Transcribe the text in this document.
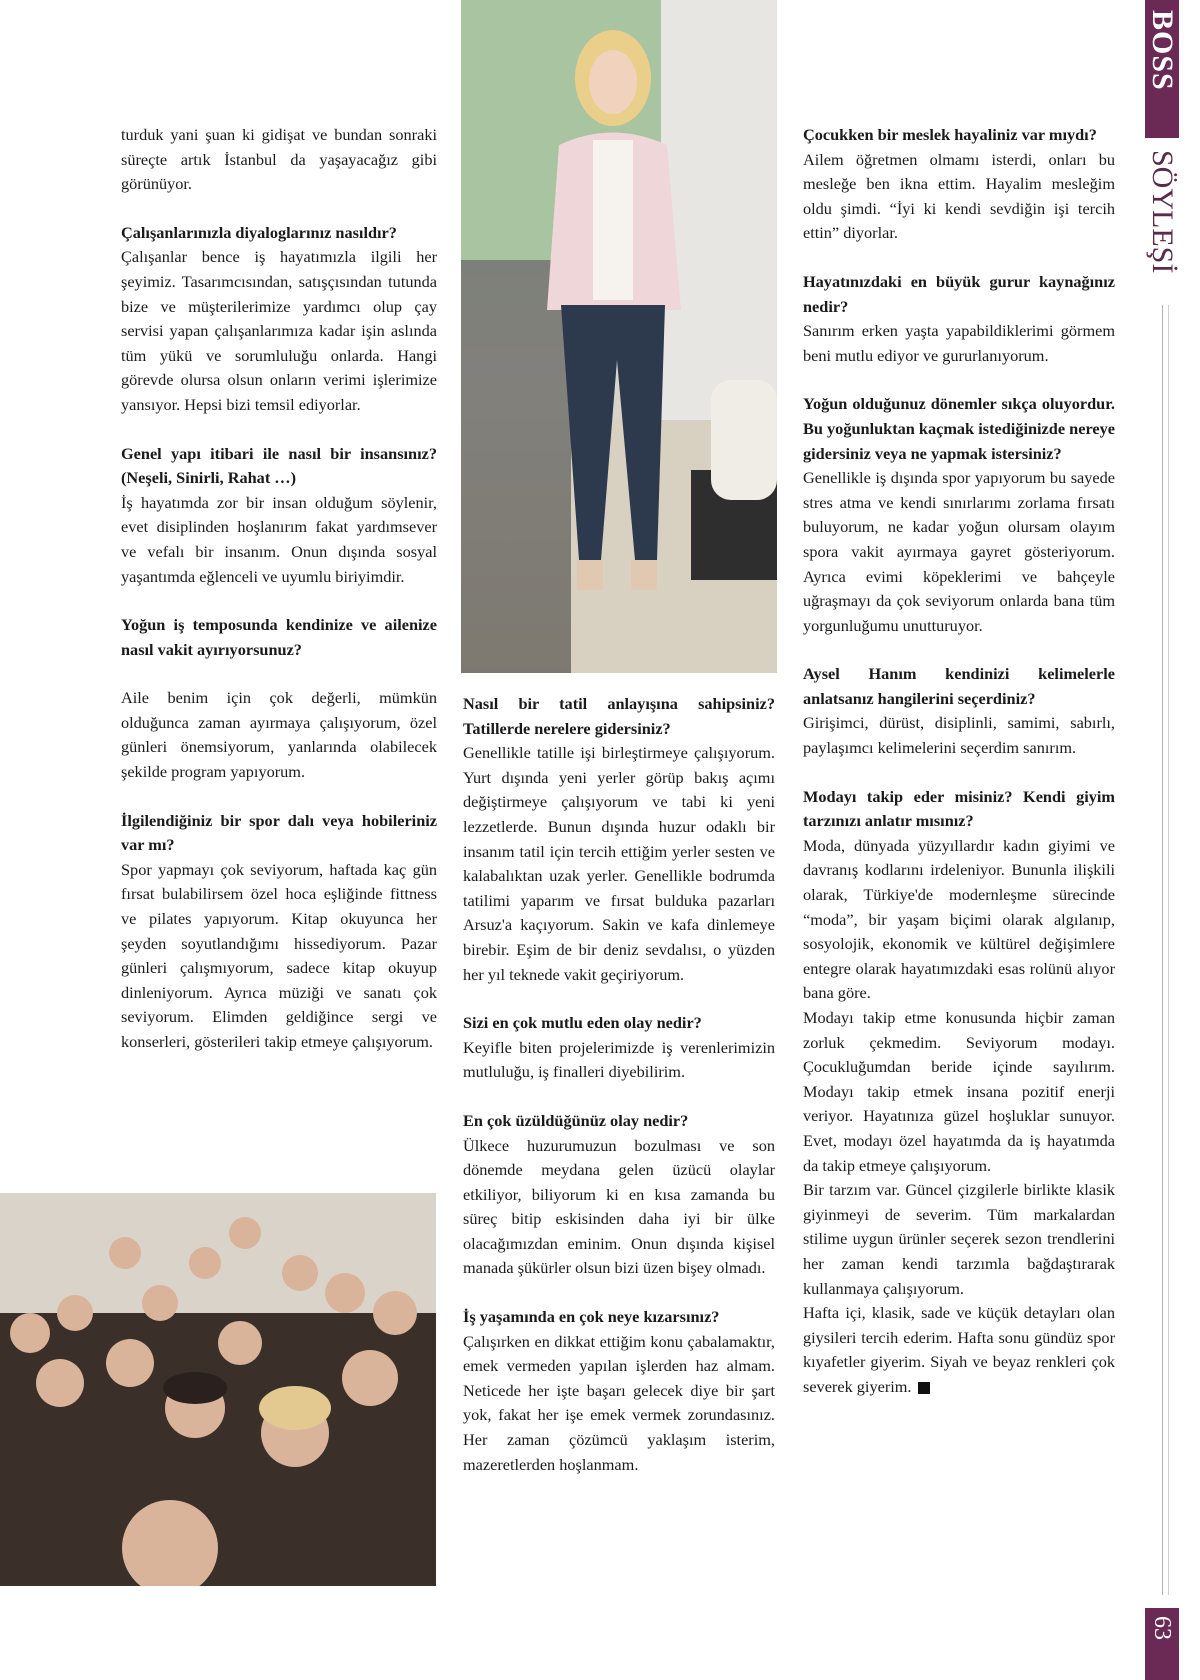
turduk yani şuan ki gidişat ve bundan sonraki süreçte artık İstanbul da yaşayacağız gibi görünüyor.

Çalışanlarınızla diyaloglarınız nasıldır?
Çalışanlar bence iş hayatımızla ilgili her şeyimiz. Tasarımcısından, satışçısından tutunda bize ve müşterilerimize yardımcı olup çay servisi yapan çalışanlarımıza kadar işin aslında tüm yükü ve sorumluluğu onlarda. Hangi görevde olursa olsun onların verimi işlerimize yansıyor. Hepsi bizi temsil ediyorlar.

Genel yapı itibari ile nasıl bir insansınız? (Neşeli, Sinirli, Rahat …)
İş hayatımda zor bir insan olduğum söylenir, evet disiplinden hoşlanırım fakat yardımsever ve vefalı bir insanım. Onun dışında sosyal yaşantımda eğlenceli ve uyumlu biriyimdir.

Yoğun iş temposunda kendinize ve ailenize nasıl vakit ayırıyorsunuz?
Aile benim için çok değerli, mümkün olduğunca zaman ayırmaya çalışıyorum, özel günleri önemsiyorum, yanlarında olabilecek şekilde program yapıyorum.

İlgilendiğiniz bir spor dalı veya hobileriniz var mı?
Spor yapmayı çok seviyorum, haftada kaç gün fırsat bulabilirsem özel hoca eşliğinde fittness ve pilates yapıyorum. Kitap okuyunca her şeyden soyutlandığımı hissediyorum. Pazar günleri çalışmıyorum, sadece kitap okuyup dinleniyorum. Ayrıca müziği ve sanatı çok seviyorum. Elimden geldiğince sergi ve konserleri, gösterileri takip etmeye çalışıyorum.

Nasıl bir tatil anlayışına sahipsiniz? Tatillerde nerelere gidersiniz?
Genellikle tatille işi birleştirmeye çalışıyorum. Yurt dışında yeni yerler görüp bakış açımı değiştirmeye çalışıyorum ve tabi ki yeni lezzetlerde. Bunun dışında huzur odaklı bir insanım tatil için tercih ettiğim yerler sesten ve kalabalıktan uzak yerler. Genellikle bodrumda tatilimi yaparım ve fırsat bulduka pazarları Arsuz'a kaçıyorum. Sakin ve kafa dinlemeye birebir. Eşim de bir deniz sevdalısı, o yüzden her yıl teknede vakit geçiriyorum.

Sizi en çok mutlu eden olay nedir?
Keyifle biten projelerimizde iş verenlerimizin mutluluğu, iş finalleri diyebilirim.

En çok üzüldüğünüz olay nedir?
Ülkece huzurumuzun bozulması ve son dönemde meydana gelen üzücü olaylar etkiliyor, biliyorum ki en kısa zamanda bu süreç bitip eskisinden daha iyi bir ülke olacağımızdan eminim. Onun dışında kişisel manada şükürler olsun bizi üzen bişey olmadı.

İş yaşamında en çok neye kızarsınız?
Çalışırken en dikkat ettiğim konu çabalamaktır, emek vermeden yapılan işlerden haz almam. Neticede her işte başarı gelecek diye bir şart yok, fakat her işe emek vermek zorundasınız. Her zaman çözümcü yaklaşım isterim, mazeretlerden hoşlanmam.

Çocukken bir meslek hayaliniz var mıydı?
Ailem öğretmen olmamı isterdi, onları bu mesleğe ben ikna ettim. Hayalim mesleğim oldu şimdi. “İyi ki kendi sevdiğin işi tercih ettin” diyorlar.

Hayatınızdaki en büyük gurur kaynağınız nedir?
Sanırım erken yaşta yapabildiklerimi görmem beni mutlu ediyor ve gururlanıyorum.

Yoğun olduğunuz dönemler sıkça oluyordur. Bu yoğunluktan kaçmak istediğinizde nereye gidersiniz veya ne yapmak istersiniz?
Genellikle iş dışında spor yapıyorum bu sayede stres atma ve kendi sınırlarımı zorlama fırsatı buluyorum, ne kadar yoğun olursam olayım spora vakit ayırmaya gayret gösteriyorum. Ayrıca evimi köpeklerimi ve bahçeyle uğraşmayı da çok seviyorum onlarda bana tüm yorgunluğumu unutturuyor.

Aysel Hanım kendinizi kelimelerle anlatsanız hangilerini seçerdiniz?
Girişimci, dürüst, disiplinli, samimi, sabırlı, paylaşımcı kelimelerini seçerdim sanırım.

Modayı takip eder misiniz? Kendi giyim tarzınızı anlatır mısınız?
Moda, dünyada yüzyıllardır kadın giyimi ve davranış kodlarını irdeleniyor. Bununla ilişkili olarak, Türkiye'de modernleşme sürecinde “moda”, bir yaşam biçimi olarak algılanıp, sosyolojik, ekonomik ve kültürel değişimlere entegre olarak hayatımızdaki esas rolünü alıyor bana göre.
Modayı takip etme konusunda hiçbir zaman zorluk çekmedim. Seviyorum modayı. Çocukluğumdan beride içinde sayılırım. Modayı takip etmek insana pozitif enerji veriyor. Hayatınıza güzel hoşluklar sunuyor. Evet, modayı özel hayatımda da iş hayatımda da takip etmeye çalışıyorum.
Bir tarzım var. Güncel çizgilerle birlikte klasik giyinmeyi de severim. Tüm markalardan stilime uygun ürünler seçerek sezon trendlerini her zaman kendi tarzımla bağdaştırarak kullanmaya çalışıyorum.
Hafta içi, klasik, sade ve küçük detayları olan giysileri tercih ederim. Hafta sonu gündüz spor kıyafetler giyerim. Siyah ve beyaz renkleri çok severek giyerim.

BOSS
SÖYLEŞİ
63
